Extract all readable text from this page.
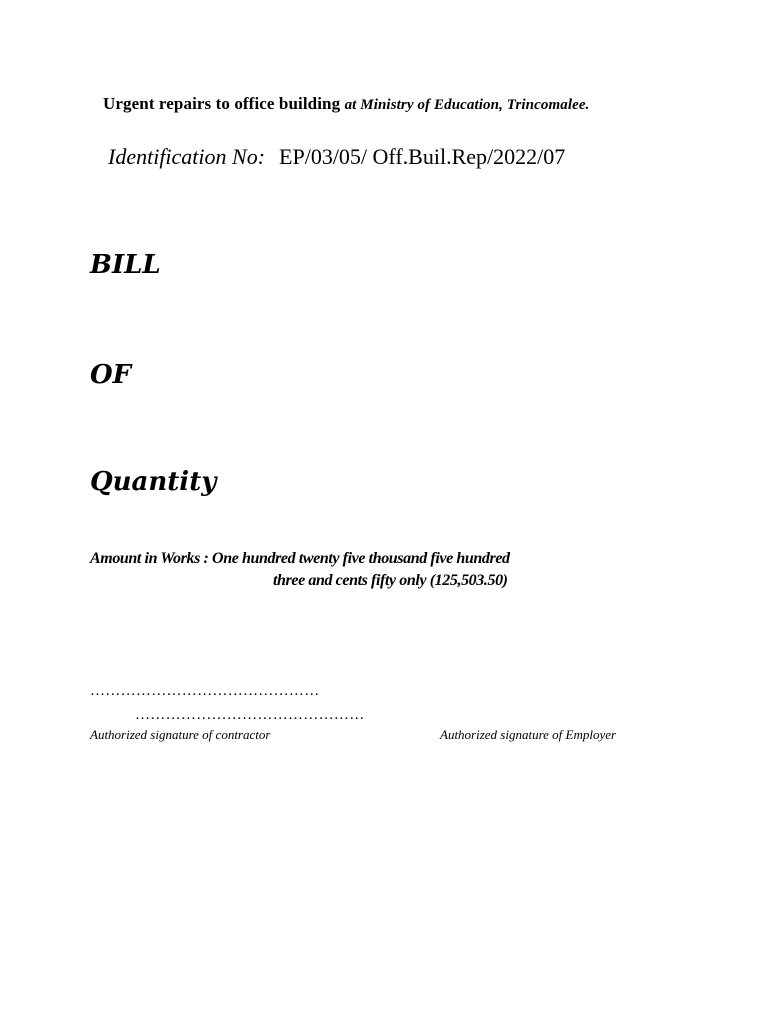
Urgent repairs to office building at Ministry of Education, Trincomalee.
Identification No: EP/03/05/ Off.Buil.Rep/2022/07
BILL
OF
Quantity
Amount in Works : One hundred twenty five thousand five hundred
three and cents fifty only (125,503.50)
………………………………………
………………………………………
Authorized signature of contractor	Authorized signature of Employer
